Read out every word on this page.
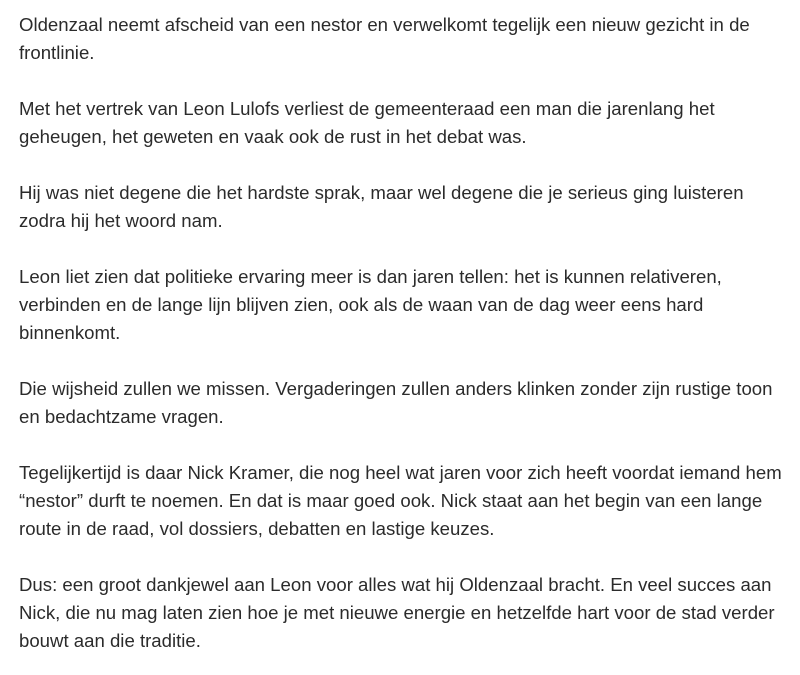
Oldenzaal neemt afscheid van een nestor en verwelkomt tegelijk een nieuw gezicht in de frontlinie.

Met het vertrek van Leon Lulofs verliest de gemeenteraad een man die jarenlang het geheugen, het geweten en vaak ook de rust in het debat was.

Hij was niet degene die het hardste sprak, maar wel degene die je serieus ging luisteren zodra hij het woord nam.

Leon liet zien dat politieke ervaring meer is dan jaren tellen: het is kunnen relativeren, verbinden en de lange lijn blijven zien, ook als de waan van de dag weer eens hard binnenkomt.

Die wijsheid zullen we missen. Vergaderingen zullen anders klinken zonder zijn rustige toon en bedachtzame vragen.

Tegelijkertijd is daar Nick Kramer, die nog heel wat jaren voor zich heeft voordat iemand hem “nestor” durft te noemen. En dat is maar goed ook. Nick staat aan het begin van een lange route in de raad, vol dossiers, debatten en lastige keuzes.

Dus: een groot dankjewel aan Leon voor alles wat hij Oldenzaal bracht. En veel succes aan Nick, die nu mag laten zien hoe je met nieuwe energie en hetzelfde hart voor de stad verder bouwt aan die traditie.
